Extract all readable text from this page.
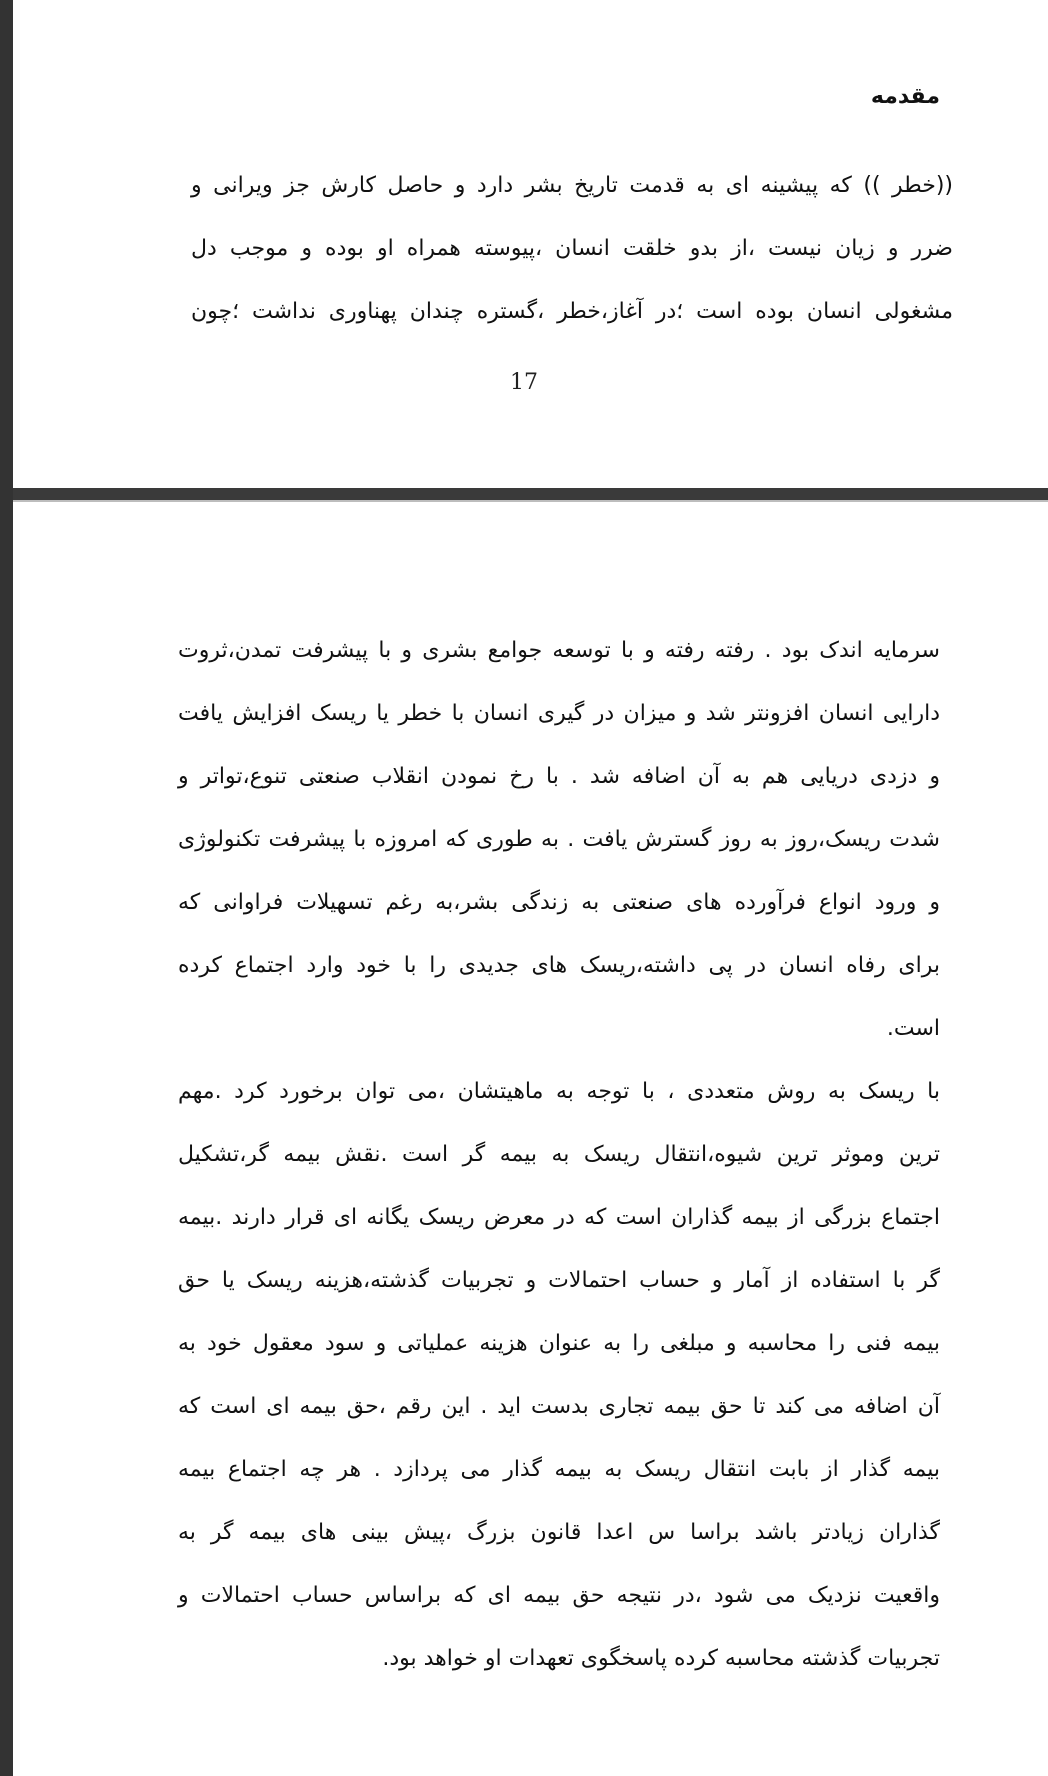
مقدمه
((خطر )) که پیشینه ای به قدمت تاریخ بشر دارد و حاصل کارش جز ویرانی و
ضرر و زیان نیست ،از بدو خلقت انسان ،پیوسته همراه او بوده و موجب دل
مشغولی انسان بوده است ؛در آغاز،خطر ،گستره چندان پهناوری نداشت ؛چون
17
سرمایه اندک بود . رفته رفته و با توسعه جوامع بشری و با پیشرفت تمدن،ثروت
دارایی انسان افزونتر شد و میزان در گیری انسان با خطر یا ریسک افزایش یافت
و دزدی دریایی هم به آن اضافه شد . با رخ نمودن انقلاب صنعتی تنوع،تواتر و
شدت ریسک،روز به روز گسترش یافت . به طوری که امروزه با پیشرفت تکنولوژی
و ورود انواع فرآورده های صنعتی به زندگی بشر،به رغم تسهیلات فراوانی که
برای رفاه انسان در پی داشته،ریسک های جدیدی را با خود وارد اجتماع کرده
است.
با ریسک به روش متعددی ، با توجه به ماهیتشان ،می توان برخورد کرد .مهم
ترین وموثر ترین شیوه،انتقال ریسک به بیمه گر است .نقش بیمه گر،تشکیل
اجتماع بزرگی از بیمه گذاران است که در معرض ریسک یگانه ای قرار دارند .بیمه
گر با استفاده از آمار و حساب احتمالات و تجربیات گذشته،هزینه ریسک یا حق
بیمه فنی را محاسبه و مبلغی را به عنوان هزینه عملیاتی و سود معقول خود به
آن اضافه می کند تا حق بیمه تجاری بدست اید . این رقم ،حق بیمه ای است که
بیمه گذار از بابت انتقال ریسک به بیمه گذار می پردازد . هر چه اجتماع بیمه
گذاران زیادتر باشد براسا س اعدا قانون بزرگ ،پیش بینی های بیمه گر به
واقعیت نزدیک می شود ،در نتیجه حق بیمه ای که براساس حساب احتمالات و
تجربیات گذشته محاسبه کرده پاسخگوی تعهدات او خواهد بود.
